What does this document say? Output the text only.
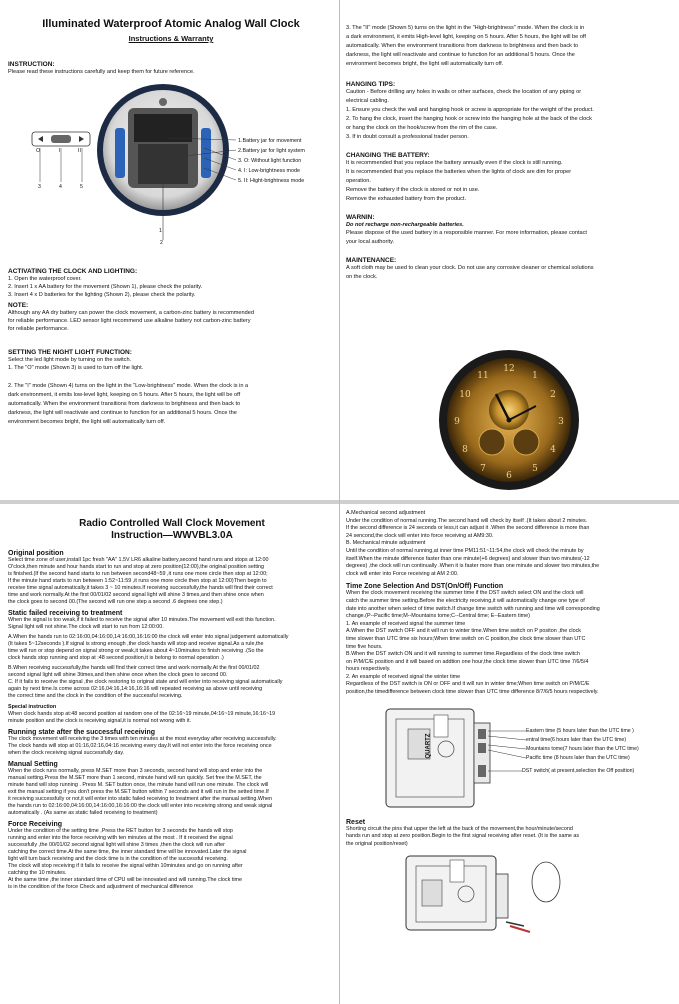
Illuminated Waterproof Atomic Analog Wall Clock
Instructions & Warranty
INSTRUCTION:
Please read these instructions carefully and keep them for future reference.
O	I	II
3	4	5
1
2
1.Battery jar for movement
2.Battery jar for light system
3. O: Without light function
4. I: Low-brightness mode
5. II: Hight-brightness mode
ACTIVATING THE CLOCK AND LIGHTING:
1. Open the waterproof cover.
2. Insert 1 x AA battery for the movement (Shown 1), please check the polarity.
3. Insert 4 x D batteries for the lighting (Shown 2), please check the polarity.
NOTE:
Although any AA dry battery can power the clock movement, a carbon-zinc battery is recommended
for reliable performance. LED sensor light recommend use alkaline battery not carbon-zinc battery
for reliable performance.
SETTING THE NIGHT LIGHT FUNCTION:
Select the led light mode by turning on the switch.
1. The "O" mode (Shown 3) is used to turn off the light.
2. The "I" mode (Shown 4) turns on the light in the "Low-brightness" mode. When the clock is in a
dark environment, it emits low-level light, keeping on 5 hours. After 5 hours, the light will be off
automatically. When the environment transitions from darkness to brightness and then back to
darkness, the light will reactivate and continue to function for an additional 5 hours. Once the
environment becomes bright, the light will automatically turn off.
3. The "II" mode (Shown 5) turns on the light in the "High-brightness" mode. When the clock is in
a dark environment, it emits High-level light, keeping on 5 hours. After 5 hours, the light will be off
automatically. When the environment transitions from darkness to brightness and then back to
darkness, the light will reactivate and continue to function for an additional 5 hours. Once the
environment becomes bright, the light will automatically turn off.
HANGING TIPS:
Caution - Before drilling any holes in walls or other surfaces, check the location of any piping or
electrical cabling.
1. Ensure you check the wall and hanging hook or screw is appropriate for the weight of the product.
2. To hang the clock, insert the hanging hook or screw into the hanging hole at the back of the clock
or hang the clock on the hook/screw from the rim of the case.
3. If in doubt consult a professional trader person.
CHANGING THE BATTERY:
It is recommended that you replace the battery annually even if the clock is still running.
It is recommended that you replace the batteries when the lights of clock are dim for proper
operation.
Remove the battery if the clock is stored or not in use.
Remove the exhausted battery from the product.
WARNIN:
Do not recharge non-rechargeable batteries.
Please dispose of the used battery in a responsible manner. For more information, please contact
your local authority.
MAINTENANCE:
A soft cloth may be used to clean your clock. Do not use any corrosive cleaner or chemical solutions
on the clock.
12
3
6
9
1
2
4
5
7
8
10
11
Radio Controlled Wall Clock Movement
Instruction—WWVBL3.0A
Original position
Select time zone of user,install 1pc fresh "AA" 1.5V LR6 alkaline battery,second hand runs and stops at 12:00
O'clock,then minute and hour hands start to run and stop at zero position(12:00),the original position setting
is finished.(If the second hand starts to run between second48~59 ,it runs one more circle then stop at 12:00;
If the minute hand starts to run between 1:52~11:59 ,it runs one more circle then stop at 12:00)Then begin to
receive time signal automatically,it takes 3 ~ 10 minutes.If receiving successfully,the hands will find their correct
time and work normally.At the first 00/01/02 second signal light will shine 3 times,and then shine once when
the clock goes to second 00.(The second will run one step a second .6 degrees one step.)
Static failed receiving to treatment
When the signal is too weak,if it failed to receive the signal after 10 minutes.The movement will exit this function.
Signal light will not shine.The clock will start to run from 12:00:00.
A.When the hands run to 02:16:00,04:16:00,14:16:00,16:16:00 the clock will enter into signal judgement automatically
(It takes 5~12seconds ).If signal is strong enough ,the clock hands will stop and receive signal.As a rule,the
time will run or stop depend on signal strong or weak,it takes about 4~10minutes to finish receiving .(So the
clock hands stop running and stop at :48 second position,it is belong to normal operation .)
B.When receiving successfully,the hands will find their correct time and work normally.At the first 00/01/02
second signal light will shine 3times,and then shine once when the clock goes to second 00.
C. If it fails to receive the signal ,the clock restoring to original state and will enter into receiving signal automatically
again by next time.Is come across 02:16,04:16,14:16,16:16 will repeated receiving as above until receiving
the correct time and the clock in the condition of the successful receiving.
Special instruction
When clock hands stop at:48 second position at random one of the 02:16~19 minute,04:16~19 minute,16:16~19
minute position and the clock is receiving signal,it is normal not wrong with it.
Running state after the successful receiving
The clock movement will receiving the 3 times with ten minutes at the most everyday after receiving successfully.
The clock hands will stop at 01:16,02:16,04:16 receiving every day.It will not enter into the force receiving once
when the clock receiving signal successfully day.
Manual Setting
When the clock runs normally, press M.SET more than 3 seconds, second hand will stop and enter into the
manual setting.Press the M.SET more than 1 second, minute hand will run quickly. Set free the M.SET, the
minute hand will stop running . Press M. SET button once, the minute hand will run one minute. The clock will
exit the manual setting if you don't press the M.SET button within 7 seconds and it will run in the setted time.If
it receiving successfully or not,it will enter into static failed receiving to treatment after the manual setting.When
the hands run to 02:16:00,04:16:00,14:16:00,16:16:00 the clock will enter into receiving strong and weak signal
automatically . (As same as static failed receiving to treatment)
Force Receiving
Under the condition of the setting time ,Press the RET button for 3 seconds the hands will stop
running and enter into the force receiving with ten minutes at the most . If it received the signal
successfully ,the 00/01/02 second signal light will shine 3 times ,then the clock will run after
catching the correct time.At the same time, the inner standard time will be innovated.Later the signal
light will turn back receiving and the clock time is in the condition of the successful receiving.
The clock will stop receiving if it fails to receive the signal within 10minutes and go on running after
catching the 10 minutes.
At the same time ,the inner standard time of CPU will be innovated and will running.The clock time
is in the condition of the force Check and adjustment of mechanical difference
A.Mechanical second adjustment
Under the condition of normal running.The second hand will check by itself .(It takes about 2 minutes.
If the second difference is 24 seconds or less,it can adjust it .When the second difference is more than
24 sencond,the clock will enter into force receiving at AM9:30.
B. Mechanical minute adjustment
Until the condition of normal running,at inner time PM11:51~11:54,the clock will check the minute by
itself.When the minute difference faster than one minute(+6 degrees) and slower than two minutes(-12
degrees) ,the clock will run continually .When it is faster more than one minute and slower two minutes,the
clock will enter into Force receiving at AM 2:00.
Time Zone Selection And DST(On/Off) Function
When the clock movement receiving the summer time if the DST switch select ON and the clock will
catch the summer time setting.Before the electricity receiving,it will automatically change one type of
date into another when select of time switch.If change time switch with running and time will corresponding
change.(P--Pacific time;M--Mountains tome;C--Central time; E--Eastern time)
1. An example of received signal the summer time
A.When the DST switch OFF and it will run to winter time.When time switch on P positon ,the clock
time slower than UTC time six hours;When time switch on C position,the clock time slower than UTC
time five hours.
B.When the DST switch ON and it will running to summer time.Regardless of the clock time switch
on P/M/C/E position and it will based on addtion one hour,the clock time slower than UTC time 7/6/5/4
hours respectively.
2. An example of received signal the winter time
Regardless of the DST switch is ON or OFF and it will run in winter time;When time switch on P/M/C/E
position,the timedifference between clock time slower than UTC time difference 8/7/6/5 hours respectively.
QUARTZ
Eastern time (5 hours later than the UTC time )
entral time(6 hours later than the UTC time)
Mountains tome(7 hours later than the UTC time)
Pacific time (8 hours later than the UTC time)
DST switch( at present,selection the Off position)
Reset
Shorting circuit the pins that upper the left at the back of the movement,the hour/minute/second
hands run and stop at zero position.Begin to the first signal receiving after reset. (It is the same as
the original position/reset)
